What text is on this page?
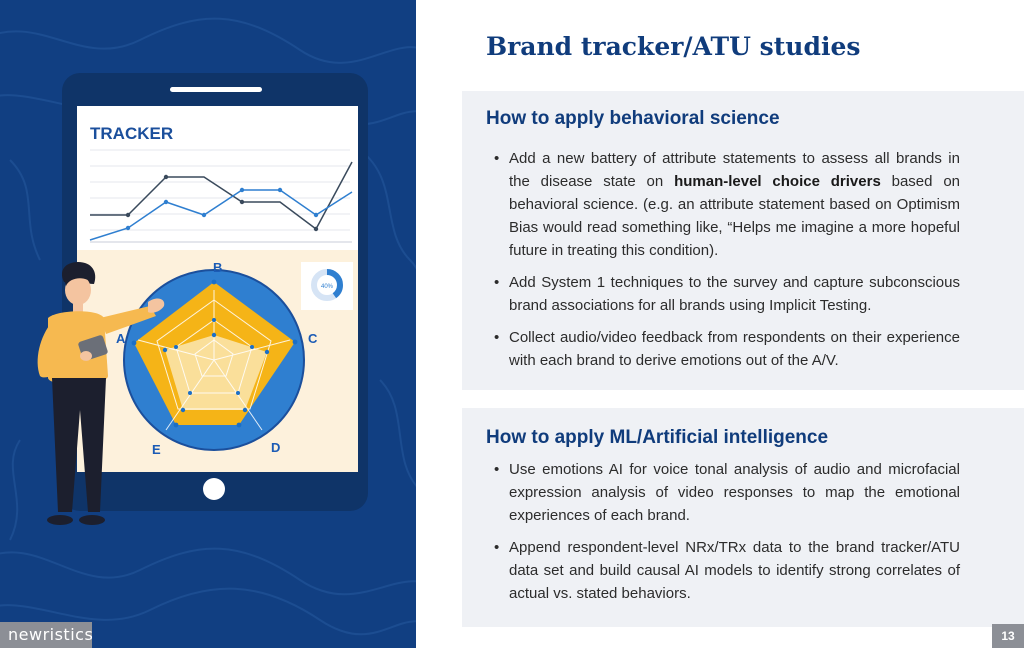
TRACKER
40%
B
C
D
E
A
newristics
Brand tracker/ATU studies
How to apply behavioral science
• Add a new battery of attribute statements to assess all brands in the disease state on human-level choice drivers based on behavioral science. (e.g. an attribute statement based on Optimism Bias would read something like, “Helps me imagine a more hopeful future in treating this condition).
• Add System 1 techniques to the survey and capture subconscious brand associations for all brands using Implicit Testing.
• Collect audio/video feedback from respondents on their experience with each brand to derive emotions out of the A/V.
How to apply ML/Artificial intelligence
• Use emotions AI for voice tonal analysis of audio and microfacial expression analysis of video responses to map the emotional experiences of each brand.
• Append respondent-level NRx/TRx data to the brand tracker/ATU data set and build causal AI models to identify strong correlates of actual vs. stated behaviors.
13
